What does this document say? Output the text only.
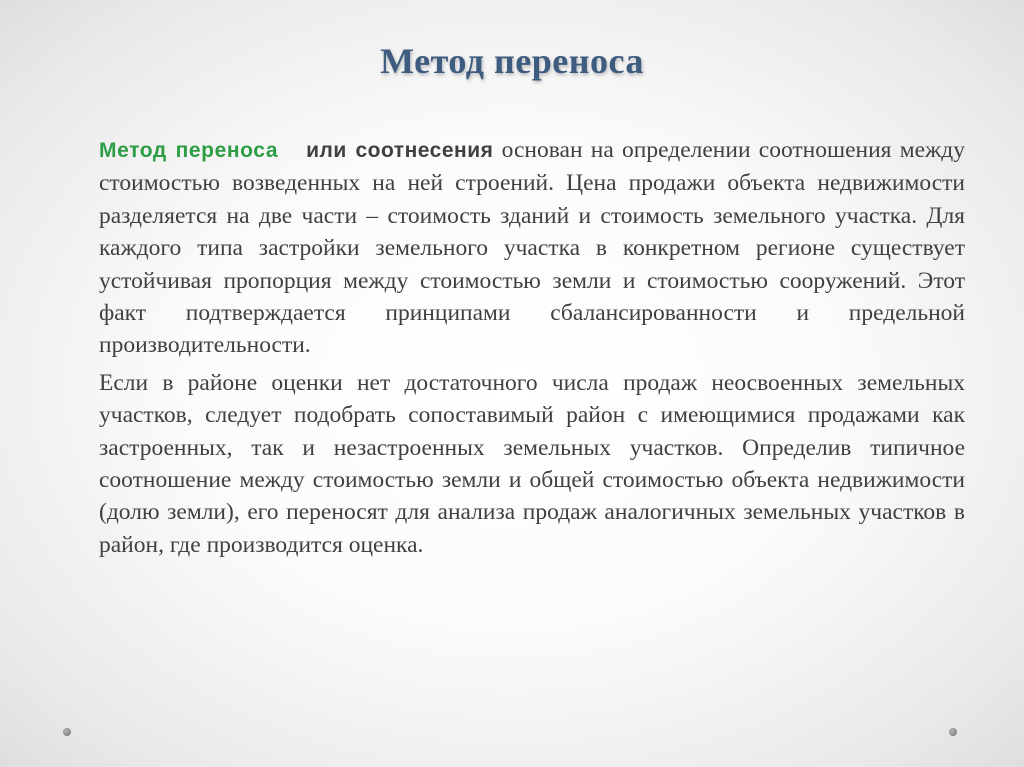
Метод переноса

Метод переноса или соотнесения основан на определении соотношения между стоимостью возведенных на ней строений. Цена продажи объекта недвижимости разделяется на две части – стоимость зданий и стоимость земельного участка. Для каждого типа застройки земельного участка в конкретном регионе существует устойчивая пропорция между стоимостью земли и стоимостью сооружений. Этот факт подтверждается принципами сбалансированности и предельной производительности.

Если в районе оценки нет достаточного числа продаж неосвоенных земельных участков, следует подобрать сопоставимый район с имеющимися продажами как застроенных, так и незастроенных земельных участков. Определив типичное соотношение между стоимостью земли и общей стоимостью объекта недвижимости (долю земли), его переносят для анализа продаж аналогичных земельных участков в район, где производится оценка.
